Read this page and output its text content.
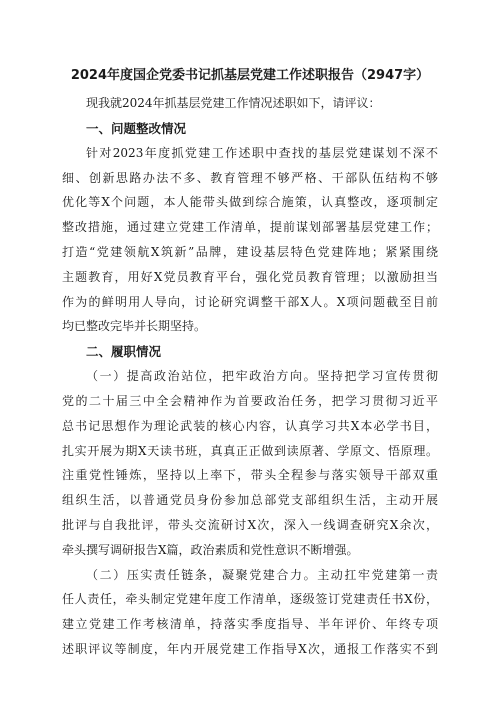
2024年度国企党委书记抓基层党建工作述职报告（2947字）
现我就2024年抓基层党建工作情况述职如下，请评议：
一、问题整改情况
针对2023年度抓党建工作述职中查找的基层党建谋划不深不
细、创新思路办法不多、教育管理不够严格、干部队伍结构不够
优化等X个问题，本人能带头做到综合施策，认真整改，逐项制定
整改措施，通过建立党建工作清单，提前谋划部署基层党建工作；
打造“党建领航X筑新”品牌，建设基层特色党建阵地；紧紧围绕
主题教育，用好X党员教育平台，强化党员教育管理；以激励担当
作为的鲜明用人导向，讨论研究调整干部X人。X项问题截至目前
均已整改完毕并长期坚持。
二、履职情况
（一）提高政治站位，把牢政治方向。坚持把学习宣传贯彻
党的二十届三中全会精神作为首要政治任务，把学习贯彻习近平
总书记思想作为理论武装的核心内容，认真学习共X本必学书目，
扎实开展为期X天读书班，真真正正做到读原著、学原文、悟原理。
注重党性锤炼，坚持以上率下，带头全程参与落实领导干部双重
组织生活，以普通党员身份参加总部党支部组织生活，主动开展
批评与自我批评，带头交流研讨X次，深入一线调查研究X余次，
牵头撰写调研报告X篇，政治素质和党性意识不断增强。
（二）压实责任链条，凝聚党建合力。主动扛牢党建第一责
任人责任，牵头制定党建年度工作清单，逐级签订党建责任书X份，
建立党建工作考核清单，持落实季度指导、半年评价、年终专项
述职评议等制度，年内开展党建工作指导X次，通报工作落实不到
